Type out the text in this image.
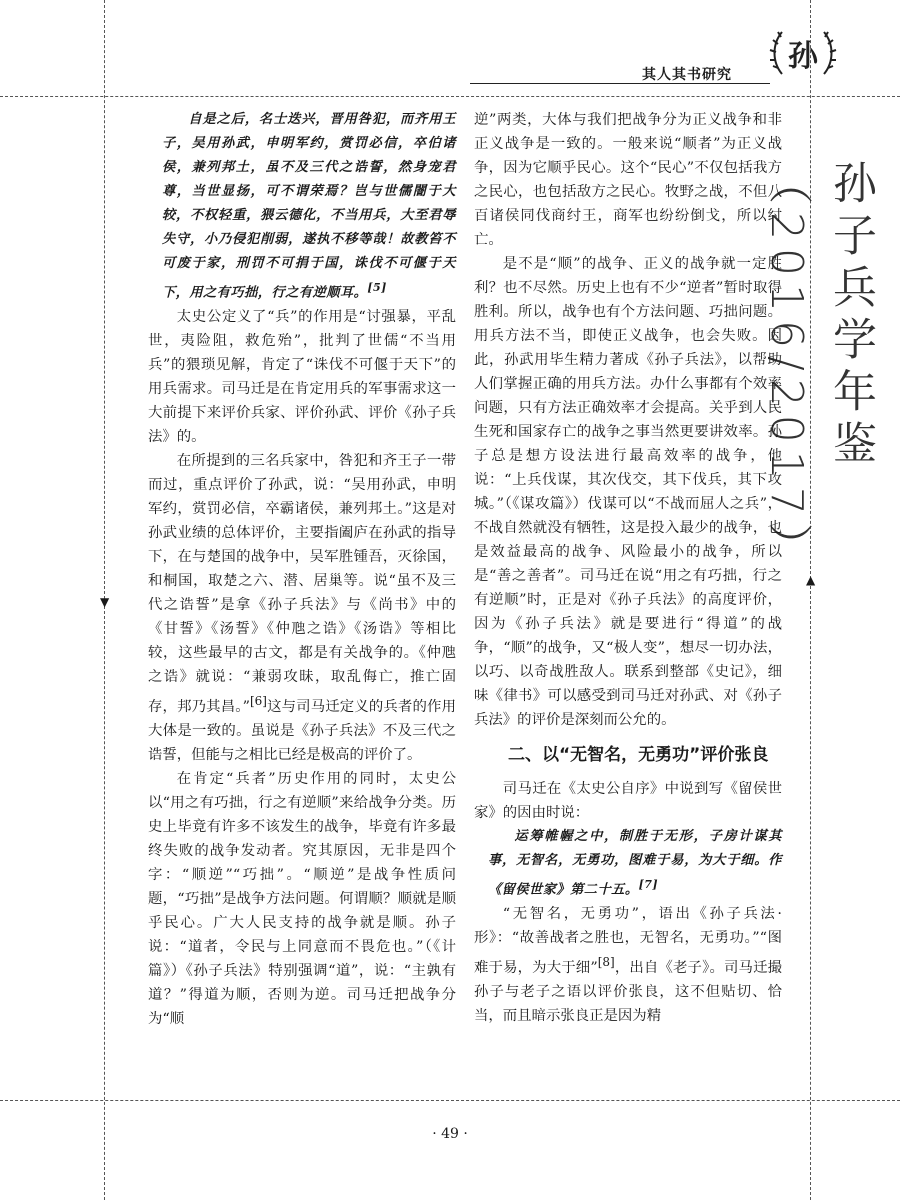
其人其书研究
孙
孙子兵学年鉴（2016/2017）
▼
▲

自是之后，名士迭兴，晋用咎犯，而齐用王子，吴用孙武，申明军约，赏罚必信，卒伯诸侯，兼列邦土，虽不及三代之诰誓，然身宠君尊，当世显扬，可不谓荣焉？岂与世儒闇于大较，不权轻重，猥云德化，不当用兵，大至君辱失守，小乃侵犯削弱，遂执不移等哉！故教笞不可废于家，刑罚不可捐于国，诛伐不可偃于天下，用之有巧拙，行之有逆顺耳。[5]

太史公定义了“兵”的作用是“讨强暴，平乱世，夷险阻，救危殆”，批判了世儒“不当用兵”的猥琐见解，肯定了“诛伐不可偃于天下”的用兵需求。司马迁是在肯定用兵的军事需求这一大前提下来评价兵家、评价孙武、评价《孙子兵法》的。

在所提到的三名兵家中，咎犯和齐王子一带而过，重点评价了孙武，说：“吴用孙武，申明军约，赏罚必信，卒霸诸侯，兼列邦土。”这是对孙武业绩的总体评价，主要指阖庐在孙武的指导下，在与楚国的战争中，吴军胜锺吾，灭徐国，和桐国，取楚之六、潜、居巢等。说“虽不及三代之诰誓”是拿《孙子兵法》与《尚书》中的《甘誓》《汤誓》《仲虺之诰》《汤诰》等相比较，这些最早的古文，都是有关战争的。《仲虺之诰》就说：“兼弱攻昧，取乱侮亡，推亡固存，邦乃其昌。”[6]这与司马迁定义的兵者的作用大体是一致的。虽说是《孙子兵法》不及三代之诰誓，但能与之相比已经是极高的评价了。

在肯定“兵者”历史作用的同时，太史公以“用之有巧拙，行之有逆顺”来给战争分类。历史上毕竟有许多不该发生的战争，毕竟有许多最终失败的战争发动者。究其原因，无非是四个字：“顺逆”“巧拙”。“顺逆”是战争性质问题，“巧拙”是战争方法问题。何谓顺？顺就是顺乎民心。广大人民支持的战争就是顺。孙子说：“道者，令民与上同意而不畏危也。”（《计篇》）《孙子兵法》特别强调“道”，说：“主孰有道？”得道为顺，否则为逆。司马迁把战争分为“顺

逆”两类，大体与我们把战争分为正义战争和非正义战争是一致的。一般来说“顺者”为正义战争，因为它顺乎民心。这个“民心”不仅包括我方之民心，也包括敌方之民心。牧野之战，不但八百诸侯同伐商纣王，商军也纷纷倒戈，所以纣亡。

是不是“顺”的战争、正义的战争就一定胜利？也不尽然。历史上也有不少“逆者”暂时取得胜利。所以，战争也有个方法问题、巧拙问题。用兵方法不当，即使正义战争，也会失败。因此，孙武用毕生精力著成《孙子兵法》，以帮助人们掌握正确的用兵方法。办什么事都有个效率问题，只有方法正确效率才会提高。关乎到人民生死和国家存亡的战争之事当然更要讲效率。孙子总是想方设法进行最高效率的战争，他说：“上兵伐谋，其次伐交，其下伐兵，其下攻城。”（《谋攻篇》）伐谋可以“不战而屈人之兵”，不战自然就没有牺牲，这是投入最少的战争，也是效益最高的战争、风险最小的战争，所以是“善之善者”。司马迁在说“用之有巧拙，行之有逆顺”时，正是对《孙子兵法》的高度评价，因为《孙子兵法》就是要进行“得道”的战争，“顺”的战争，又“极人变”，想尽一切办法，以巧、以奇战胜敌人。联系到整部《史记》，细味《律书》可以感受到司马迁对孙武、对《孙子兵法》的评价是深刻而公允的。

二、以“无智名，无勇功”评价张良

司马迁在《太史公自序》中说到写《留侯世家》的因由时说：

运筹帷幄之中，制胜于无形，子房计谋其事，无智名，无勇功，图难于易，为大于细。作《留侯世家》第二十五。[7]

“无智名，无勇功”，语出《孙子兵法·形》：“故善战者之胜也，无智名，无勇功。”“图难于易，为大于细”[8]，出自《老子》。司马迁撮孙子与老子之语以评价张良，这不但贴切、恰当，而且暗示张良正是因为精

· 49 ·
